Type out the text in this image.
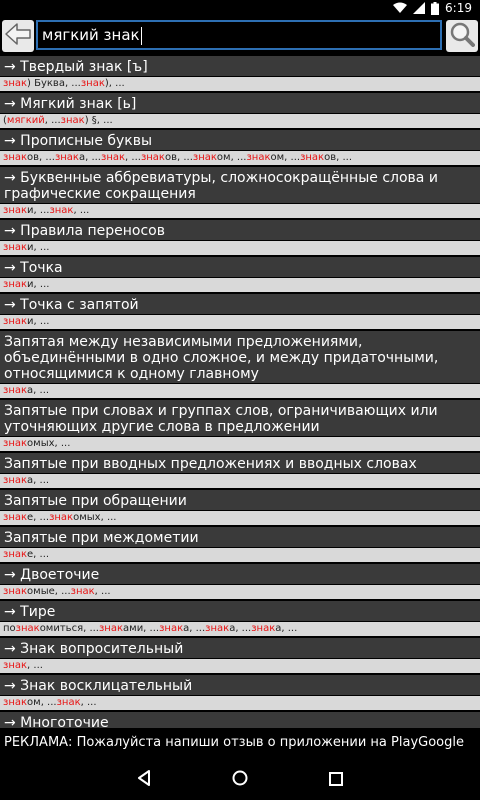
6:19
мягкий знак
→ Твердый знак [ъ]
знак) Буква, ...знак), ...
→ Мягкий знак [ь]
(мягкий, ...знак) §, ...
→ Прописные буквы
знаков, ...знака, ...знак, ...знаков, ...знаком, ...знаком, ...знаков, ...
→ Буквенные аббревиатуры, сложносокращённые слова и графические сокращения
знаки, ...знак, ...
→ Правила переносов
знаки, ...
→ Точка
знаки, ...
→ Точка с запятой
знаки, ...
Запятая между независимыми предложениями, объединёнными в одно сложное, и между придаточными, относящимися к одному главному
знака, ...
Запятые при словах и группах слов, ограничивающих или уточняющих другие слова в предложении
знакомых, ...
Запятые при вводных предложениях и вводных словах
знака, ...
Запятые при обращении
знаке, ...знакомых, ...
Запятые при междометии
знаке, ...
→ Двоеточие
знакомые, ...знак, ...
→ Тире
познакомиться, ...знаками, ...знака, ...знака, ...знака, ...
→ Знак вопросительный
знак, ...
→ Знак восклицательный
знаком, ...знак, ...
→ Многоточие
РЕКЛАМА: Пожалуйста напиши отзыв о приложении на PlayGoogle
